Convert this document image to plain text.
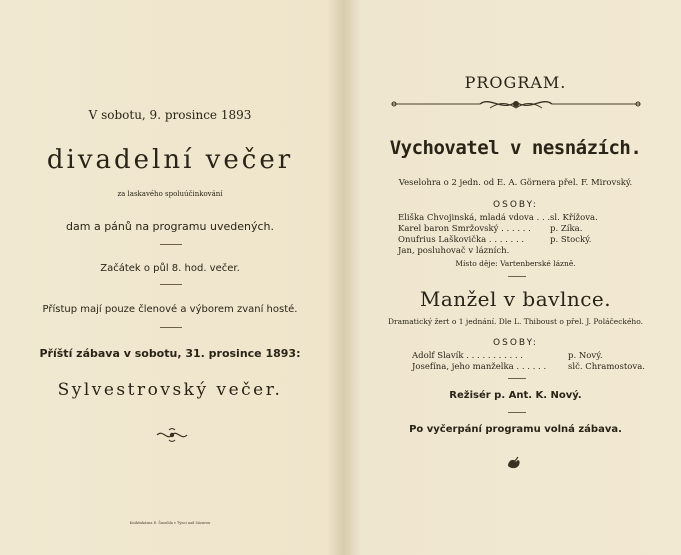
V sobotu, 9. prosince 1893
divadelní večer
za laskavého spoluúčinkování
dam a pánů na programu uvedených.
Začátek o půl 8. hod. večer.
Přístup mají pouze členové a výborem zvaní hosté.
Příští zábava v sobotu, 31. prosince 1893:
Sylvestrovský večer.
Knihtiskárna E. Šnoubla v Týnci nad Sázavou
PROGRAM.
Vychovatel v nesnázích.
Veselohra o 2 jedn. od E. A. Görnera přel. F. Mirovský.
OSOBY:
Eliška Chvojinská, mladá vdova . . .sl. Křížova.
Karel baron Smržovský . . . . . . p. Zíka.
Onufrius Laškovička . . . . . . .	p. Stocký.
Jan, posluhovač v lázních.
Místo děje: Vartenberské lázně.
Manžel v bavlnce.
Dramatický žert o 1 jednání. Dle L. Thiboust o přel. J. Poláčeckého.
OSOBY:
Adolf Slavík . . . . . . . . . . .	p. Nový.
Josefína, jeho manželka . . . . . .	slč. Chramostova.
Režisér p. Ant. K. Nový.
Po vyčerpání programu volná zábava.
